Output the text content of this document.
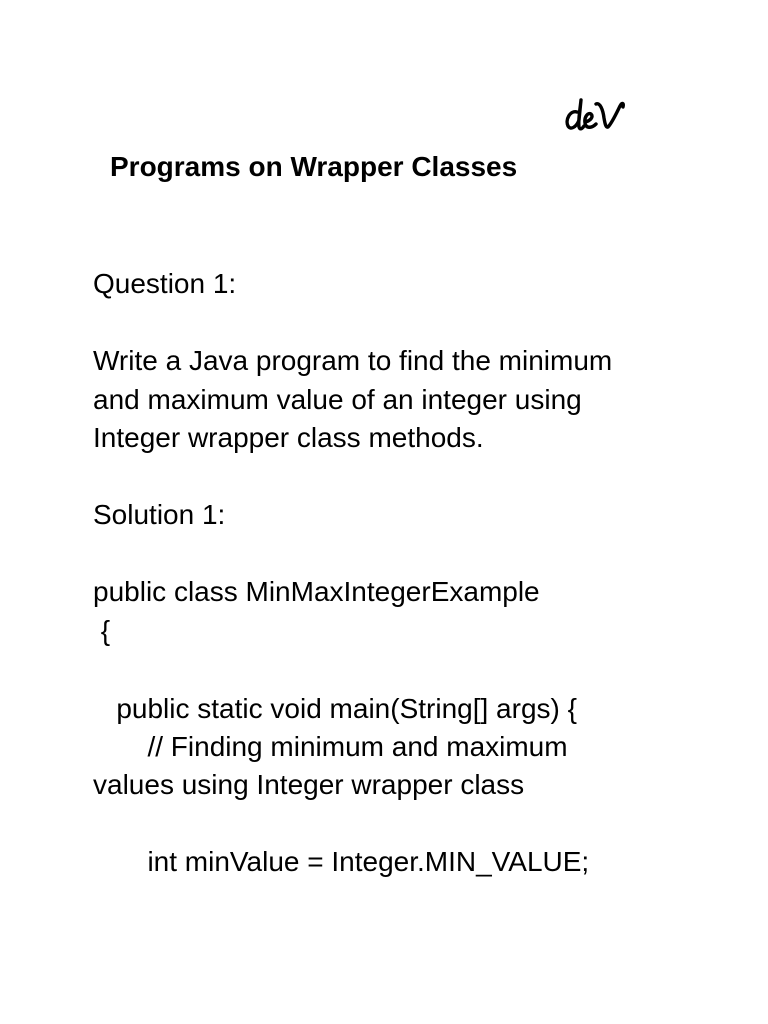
Programs on Wrapper Classes
Question 1:
Write a Java program to find the minimum
and maximum value of an integer using
Integer wrapper class methods.
Solution 1:
public class MinMaxIntegerExample
{
public static void main(String[] args) {
// Finding minimum and maximum
values using Integer wrapper class
int minValue = Integer.MIN_VALUE;
